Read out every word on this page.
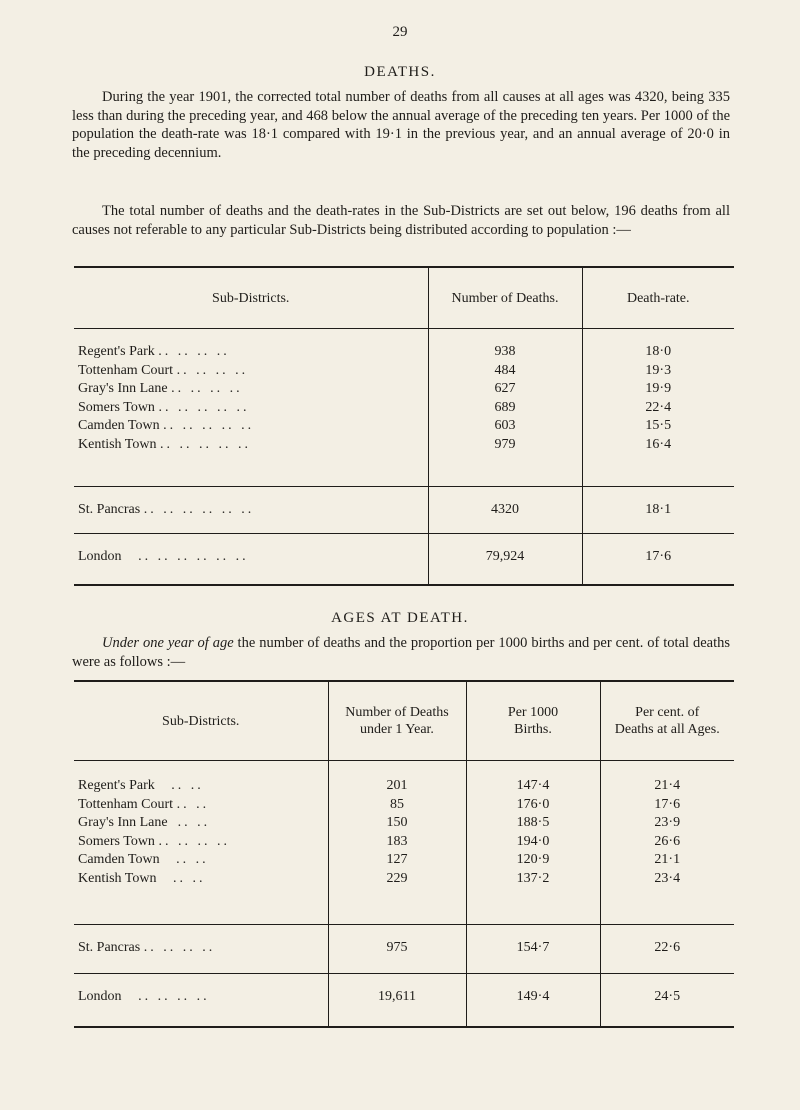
29
DEATHS.

During the year 1901, the corrected total number of deaths from all causes at all ages was 4320, being 335 less than during the preceding year, and 468 below the annual average of the preceding ten years. Per 1000 of the population the death-rate was 18·1 compared with 19·1 in the previous year, and an annual average of 20·0 in the preceding decennium.

The total number of deaths and the death-rates in the Sub-Districts are set out below, 196 deaths from all causes not referable to any particular Sub-Districts being distributed according to population :—

Sub-Districts.	Number of Deaths.	Death-rate.

Regent's Park .. .. .. ..	938	18·0
Tottenham Court .. .. .. ..	484	19·3
Gray's Inn Lane .. .. .. ..	627	19·9
Somers Town .. .. .. .. ..	689	22·4
Camden Town .. .. .. .. ..	603	15·5
Kentish Town .. .. .. .. ..	979	16·4

St. Pancras .. .. .. .. .. ..	4320	18·1

London   .. .. .. .. .. ..	79,924	17·6

AGES AT DEATH.

Under one year of age the number of deaths and the proportion per 1000 births and per cent. of total deaths were as follows :—

Sub-Districts.	Number of Deaths under 1 Year.	Per 1000 Births.	Per cent. of Deaths at all Ages.

Regent's Park   .. ..	201	147·4	21·4
Tottenham Court .. ..	85	176·0	17·6
Gray's Inn Lane  .. ..	150	188·5	23·9
Somers Town .. .. .. ..	183	194·0	26·6
Camden Town   .. ..	127	120·9	21·1
Kentish Town   .. ..	229	137·2	23·4

St. Pancras .. .. .. ..	975	154·7	22·6

London   .. .. .. ..	19,611	149·4	24·5
